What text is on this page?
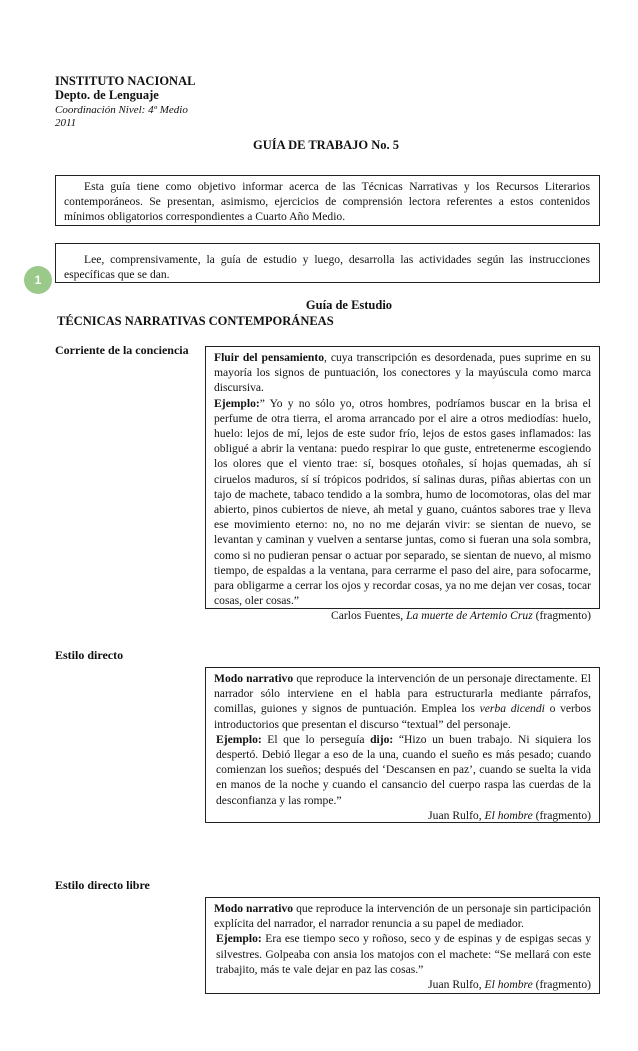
INSTITUTO NACIONAL
Depto. de Lenguaje
Coordinación Nivel: 4º Medio
2011
GUÍA DE TRABAJO No. 5
Esta guía tiene como objetivo informar acerca de las Técnicas Narrativas y los Recursos Literarios contemporáneos. Se presentan, asimismo, ejercicios de comprensión lectora referentes a estos contenidos mínimos obligatorios correspondientes a Cuarto Año Medio.
Lee, comprensivamente, la guía de estudio y luego, desarrolla las actividades según las instrucciones específicas que se dan.
1
Guía de Estudio
TÉCNICAS NARRATIVAS CONTEMPORÁNEAS
Corriente de la conciencia
Fluir del pensamiento, cuya transcripción es desordenada, pues suprime en su mayoría los signos de puntuación, los conectores y la mayúscula como marca discursiva.
Ejemplo:” Yo y no sólo yo, otros hombres, podríamos buscar en la brisa el perfume de otra tierra, el aroma arrancado por el aire a otros mediodías: huelo, huelo: lejos de mí, lejos de este sudor frío, lejos de estos gases inflamados: las obligué a abrir la ventana: puedo respirar lo que guste, entretenerme escogiendo los olores que el viento trae: sí, bosques otoñales, sí hojas quemadas, ah sí ciruelos maduros, sí sí trópicos podridos, sí salinas duras, piñas abiertas con un tajo de machete, tabaco tendido a la sombra, humo de locomotoras, olas del mar abierto, pinos cubiertos de nieve, ah metal y guano, cuántos sabores trae y lleva ese movimiento eterno: no, no no me dejarán vivir: se sientan de nuevo, se levantan y caminan y vuelven a sentarse juntas, como si fueran una sola sombra, como si no pudieran pensar o actuar por separado, se sientan de nuevo, al mismo tiempo, de espaldas a la ventana, para cerrarme el paso del aire, para sofocarme, para obligarme a cerrar los ojos y recordar cosas, ya no me dejan ver cosas, tocar cosas, oler cosas.”
Carlos Fuentes, La muerte de Artemio Cruz (fragmento)
Estilo directo
Modo narrativo que reproduce la intervención de un personaje directamente. El narrador sólo interviene en el habla para estructurarla mediante párrafos, comillas, guiones y signos de puntuación. Emplea los verba dicendi o verbos introductorios que presentan el discurso “textual” del personaje.
Ejemplo: El que lo perseguía dijo: “Hizo un buen trabajo. Ni siquiera los despertó. Debió llegar a eso de la una, cuando el sueño es más pesado; cuando comienzan los sueños; después del ‘Descansen en paz’, cuando se suelta la vida en manos de la noche y cuando el cansancio del cuerpo raspa las cuerdas de la desconfianza y las rompe.”
Juan Rulfo, El hombre (fragmento)
Estilo directo libre
Modo narrativo que reproduce la intervención de un personaje sin participación explícita del narrador, el narrador renuncia a su papel de mediador.
Ejemplo: Era ese tiempo seco y roñoso, seco y de espinas y de espigas secas y silvestres. Golpeaba con ansia los matojos con el machete: “Se mellará con este trabajito, más te vale dejar en paz las cosas.”
Juan Rulfo, El hombre (fragmento)
